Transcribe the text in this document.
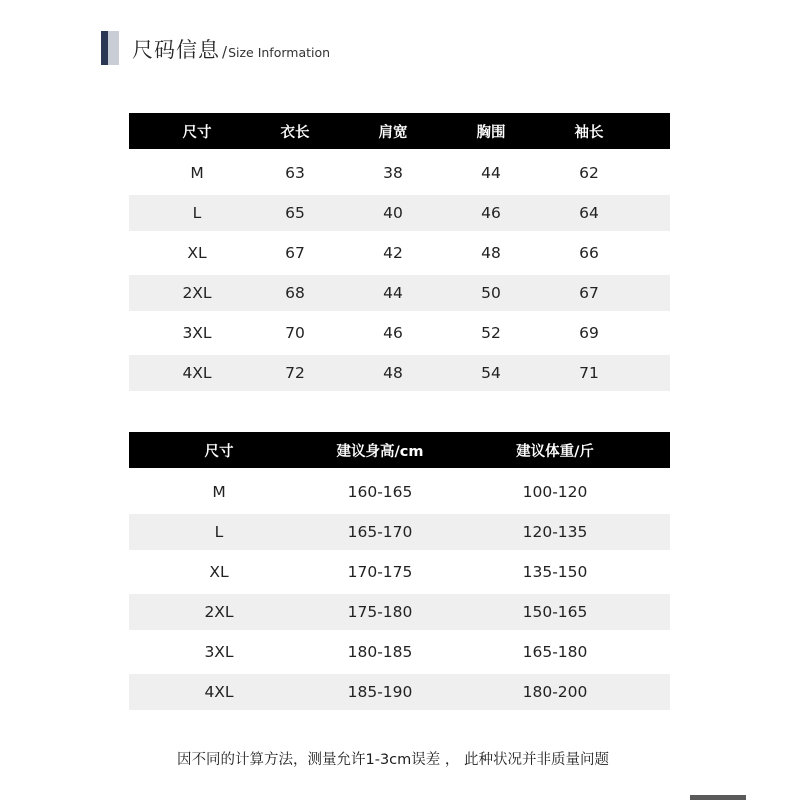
尺码信息 / Size Information
尺寸	衣长	肩宽	胸围	袖长
M	63	38	44	62
L	65	40	46	64
XL	67	42	48	66
2XL	68	44	50	67
3XL	70	46	52	69
4XL	72	48	54	71
尺寸	建议身高/cm	建议体重/斤
M	160-165	100-120
L	165-170	120-135
XL	170-175	135-150
2XL	175-180	150-165
3XL	180-185	165-180
4XL	185-190	180-200
因不同的计算方法，测量允许1-3cm误差 ， 此种状况并非质量问题
